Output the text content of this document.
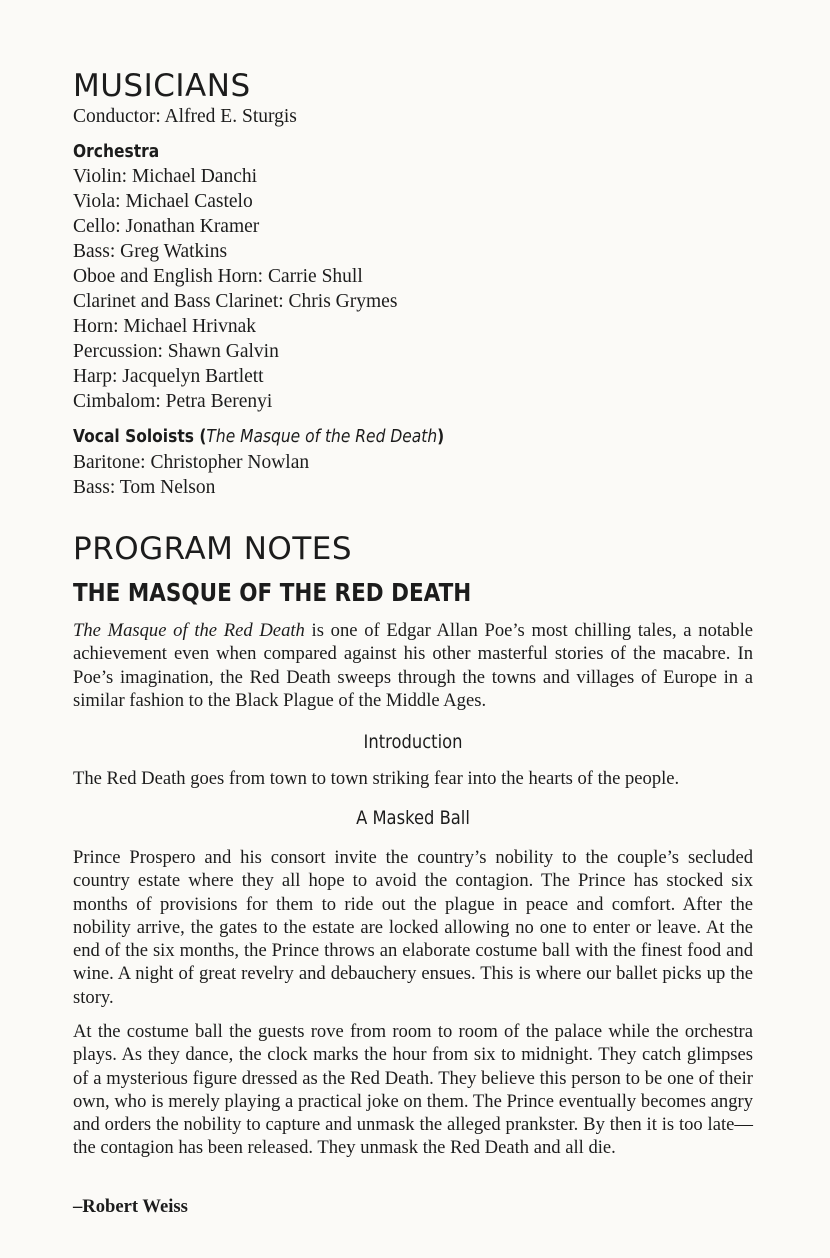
MUSICIANS
Conductor: Alfred E. Sturgis
Orchestra
Violin: Michael Danchi
Viola: Michael Castelo
Cello: Jonathan Kramer
Bass: Greg Watkins
Oboe and English Horn: Carrie Shull
Clarinet and Bass Clarinet: Chris Grymes
Horn: Michael Hrivnak
Percussion: Shawn Galvin
Harp: Jacquelyn Bartlett
Cimbalom: Petra Berenyi
Vocal Soloists (The Masque of the Red Death)
Baritone: Christopher Nowlan
Bass: Tom Nelson
PROGRAM NOTES
THE MASQUE OF THE RED DEATH

The Masque of the Red Death is one of Edgar Allan Poe’s most chilling tales, a notable achievement even when compared against his other masterful stories of the macabre. In Poe’s imagination, the Red Death sweeps through the towns and villages of Europe in a similar fashion to the Black Plague of the Middle Ages.

Introduction

The Red Death goes from town to town striking fear into the hearts of the people.

A Masked Ball

Prince Prospero and his consort invite the country’s nobility to the couple’s secluded country estate where they all hope to avoid the contagion. The Prince has stocked six months of provisions for them to ride out the plague in peace and comfort. After the nobility arrive, the gates to the estate are locked allowing no one to enter or leave. At the end of the six months, the Prince throws an elaborate costume ball with the finest food and wine. A night of great revelry and debauchery ensues. This is where our ballet picks up the story.

At the costume ball the guests rove from room to room of the palace while the orchestra plays. As they dance, the clock marks the hour from six to midnight. They catch glimpses of a mysterious figure dressed as the Red Death. They believe this person to be one of their own, who is merely playing a practical joke on them. The Prince eventually becomes angry and orders the nobility to capture and unmask the alleged prankster. By then it is too late—the contagion has been released. They unmask the Red Death and all die.

–Robert Weiss
